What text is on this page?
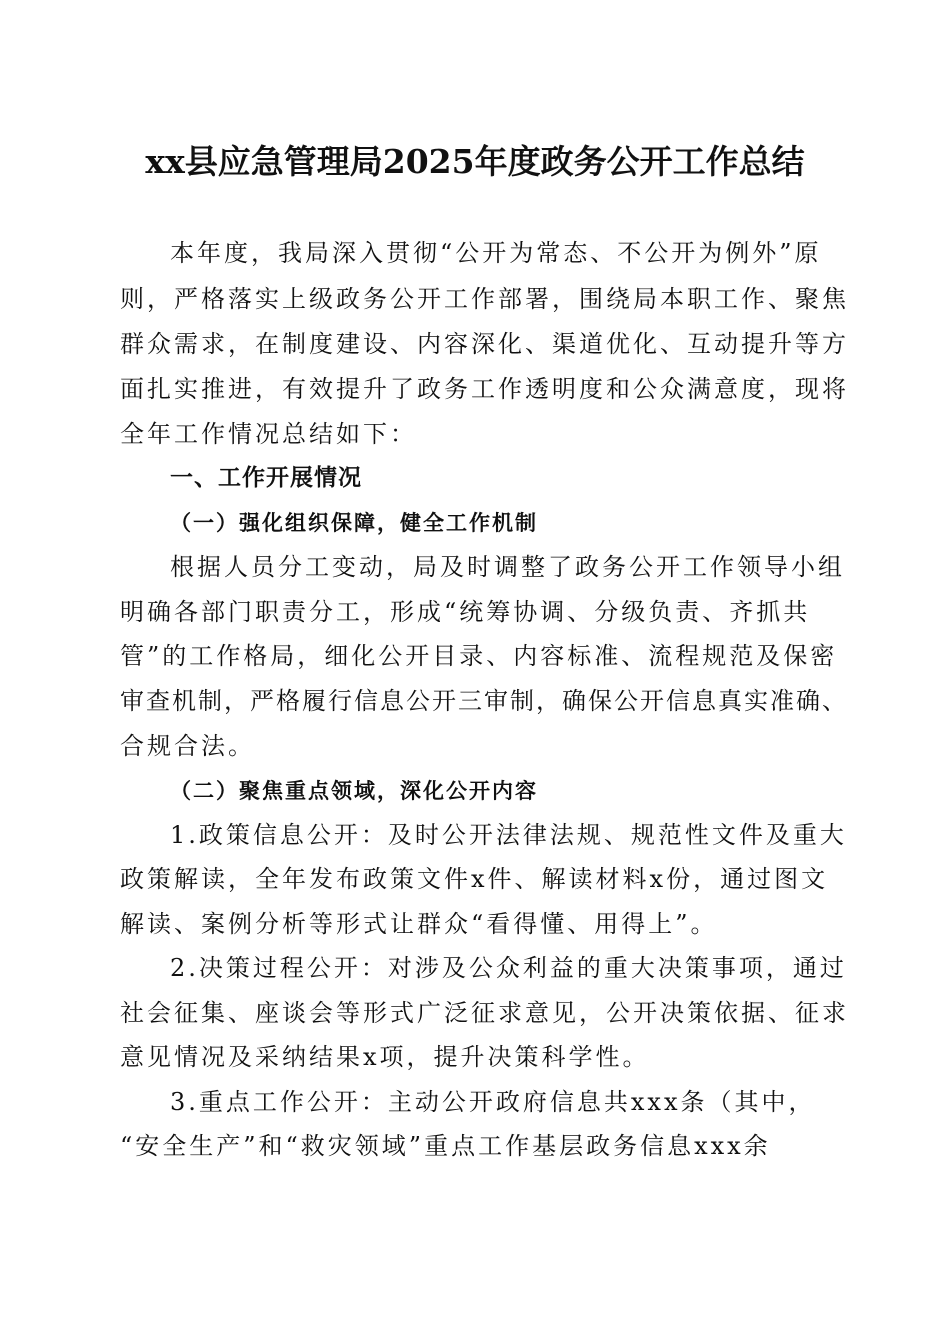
xx县应急管理局2025年度政务公开工作总结

本年度，我局深入贯彻“公开为常态、不公开为例外”原

则，严格落实上级政务公开工作部署，围绕局本职工作、聚焦

群众需求，在制度建设、内容深化、渠道优化、互动提升等方

面扎实推进，有效提升了政务工作透明度和公众满意度，现将

全年工作情况总结如下：

一、工作开展情况

（一）强化组织保障，健全工作机制

根据人员分工变动，局及时调整了政务公开工作领导小组

明确各部门职责分工，形成“统筹协调、分级负责、齐抓共

管”的工作格局，细化公开目录、内容标准、流程规范及保密

审查机制，严格履行信息公开三审制，确保公开信息真实准确、

合规合法。

（二）聚焦重点领域，深化公开内容

1.政策信息公开：及时公开法律法规、规范性文件及重大

政策解读，全年发布政策文件x件、解读材料x份，通过图文

解读、案例分析等形式让群众“看得懂、用得上”。

2.决策过程公开：对涉及公众利益的重大决策事项，通过

社会征集、座谈会等形式广泛征求意见，公开决策依据、征求

意见情况及采纳结果x项，提升决策科学性。

3.重点工作公开：主动公开政府信息共xxx条（其中，

“安全生产”和“救灾领域”重点工作基层政务信息xxx余
